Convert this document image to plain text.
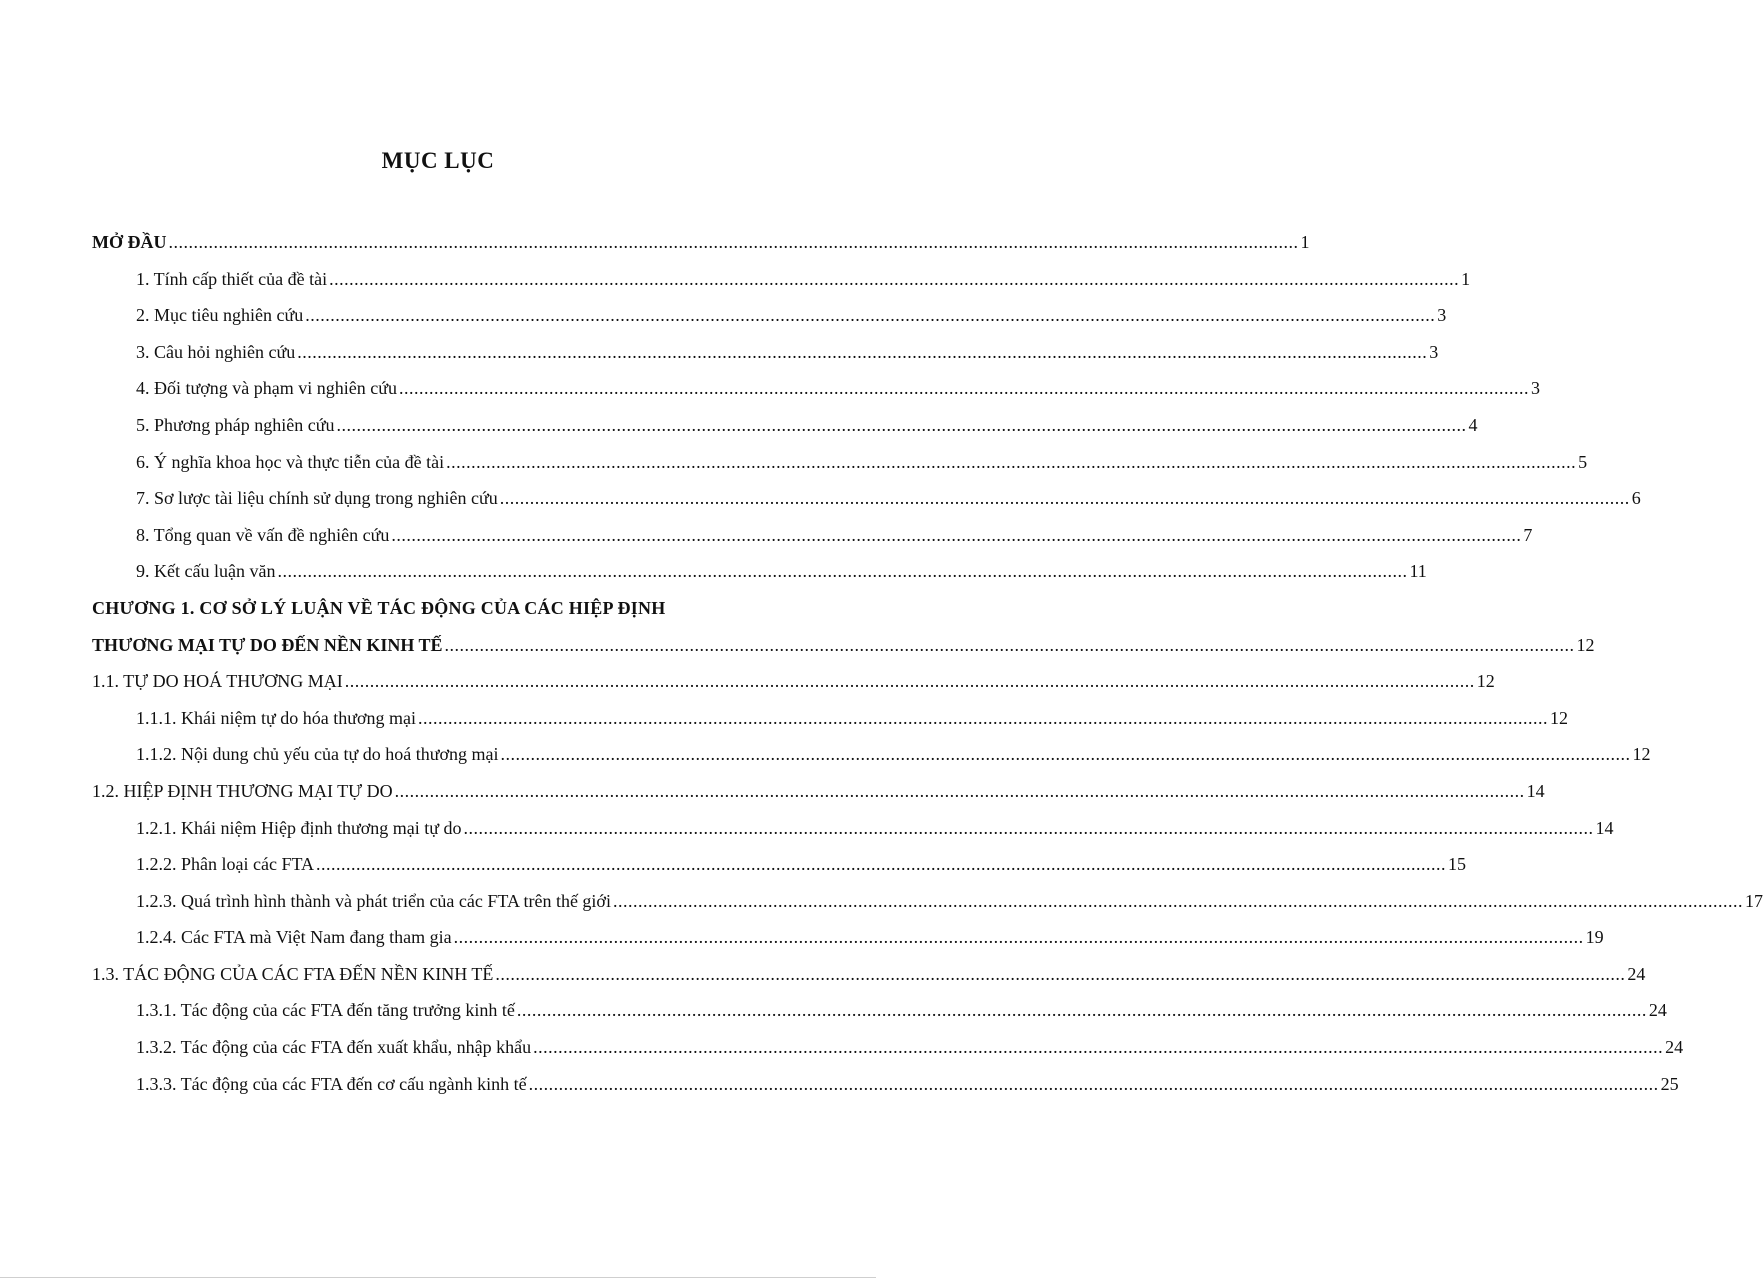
MỤC LỤC
MỞ ĐẦU .................................................................................................................................................................................................................................. 1
1. Tính cấp thiết của đề tài .................................................................................................................................................................................................................................. 1
2. Mục tiêu nghiên cứu .................................................................................................................................................................................................................................. 3
3. Câu hỏi nghiên cứu .................................................................................................................................................................................................................................. 3
4. Đối tượng và phạm vi nghiên cứu .................................................................................................................................................................................................................................. 3
5. Phương pháp nghiên cứu .................................................................................................................................................................................................................................. 4
6. Ý nghĩa khoa học và thực tiễn của đề tài .................................................................................................................................................................................................................................. 5
7. Sơ lược tài liệu chính sử dụng trong nghiên cứu .................................................................................................................................................................................................................................. 6
8. Tổng quan về vấn đề nghiên cứu .................................................................................................................................................................................................................................. 7
9. Kết cấu luận văn .................................................................................................................................................................................................................................. 11
CHƯƠNG 1. CƠ SỞ LÝ LUẬN VỀ TÁC ĐỘNG CỦA CÁC HIỆP ĐỊNH
THƯƠNG MẠI TỰ DO ĐẾN NỀN KINH TẾ .................................................................................................................................................................................................................................. 12
1.1. TỰ DO HOÁ THƯƠNG MẠI .................................................................................................................................................................................................................................. 12
1.1.1. Khái niệm tự do hóa thương mại .................................................................................................................................................................................................................................. 12
1.1.2. Nội dung chủ yếu của tự do hoá thương mại .................................................................................................................................................................................................................................. 12
1.2. HIỆP ĐỊNH THƯƠNG MẠI TỰ DO .................................................................................................................................................................................................................................. 14
1.2.1. Khái niệm Hiệp định thương mại tự do .................................................................................................................................................................................................................................. 14
1.2.2. Phân loại các FTA .................................................................................................................................................................................................................................. 15
1.2.3. Quá trình hình thành và phát triển của các FTA trên thế giới .................................................................................................................................................................................................................................. 17
1.2.4. Các FTA mà Việt Nam đang tham gia .................................................................................................................................................................................................................................. 19
1.3. TÁC ĐỘNG CỦA CÁC FTA ĐẾN NỀN KINH TẾ .................................................................................................................................................................................................................................. 24
1.3.1. Tác động của các FTA đến tăng trưởng kinh tế .................................................................................................................................................................................................................................. 24
1.3.2. Tác động của các FTA đến xuất khẩu, nhập khẩu .................................................................................................................................................................................................................................. 24
1.3.3. Tác động của các FTA đến cơ cấu ngành kinh tế .................................................................................................................................................................................................................................. 25
